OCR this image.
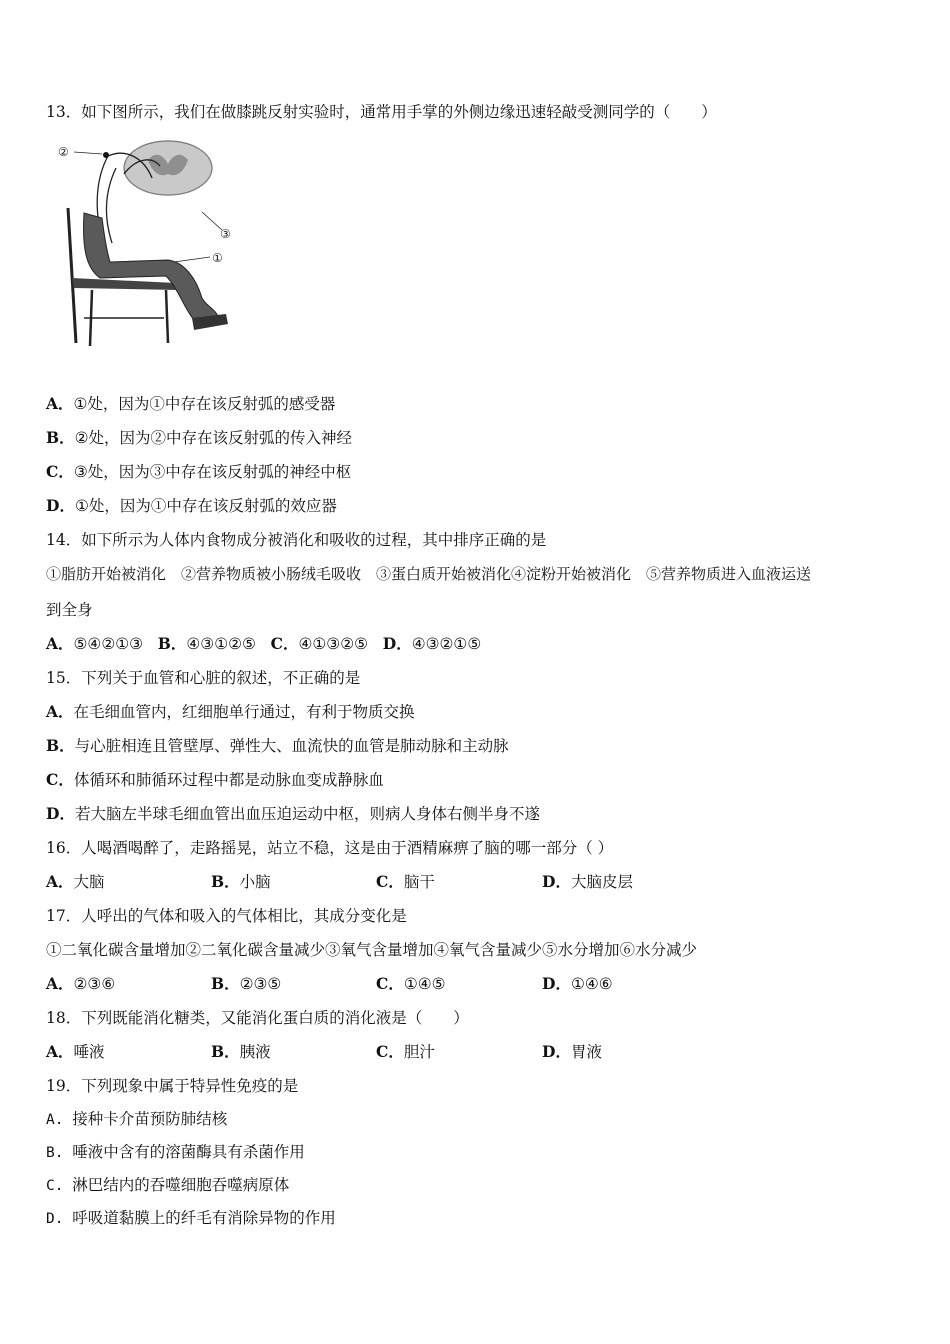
13．如下图所示，我们在做膝跳反射实验时，通常用手掌的外侧边缘迅速轻敲受测同学的（　　）
②
③
①
A．①处，因为①中存在该反射弧的感受器
B．②处，因为②中存在该反射弧的传入神经
C．③处，因为③中存在该反射弧的神经中枢
D．①处，因为①中存在该反射弧的效应器
14．如下所示为人体内食物成分被消化和吸收的过程，其中排序正确的是
①脂肪开始被消化　②营养物质被小肠绒毛吸收　③蛋白质开始被消化④淀粉开始被消化　⑤营养物质进入血液运送
到全身
A．⑤④②①③ B．④③①②⑤ C．④①③②⑤ D．④③②①⑤
15．下列关于血管和心脏的叙述，不正确的是
A．在毛细血管内，红细胞单行通过，有利于物质交换
B．与心脏相连且管壁厚、弹性大、血流快的血管是肺动脉和主动脉
C．体循环和肺循环过程中都是动脉血变成静脉血
D．若大脑左半球毛细血管出血压迫运动中枢，则病人身体右侧半身不遂
16．人喝酒喝醉了，走路摇晃，站立不稳，这是由于酒精麻痹了脑的哪一部分（ ）
A．大脑	B．小脑	C．脑干	D．大脑皮层
17．人呼出的气体和吸入的气体相比，其成分变化是
①二氧化碳含量增加②二氧化碳含量减少③氧气含量增加④氧气含量减少⑤水分增加⑥水分减少
A．②③⑥	B．②③⑤	C．①④⑤	D．①④⑥
18．下列既能消化糖类，又能消化蛋白质的消化液是（　　）
A．唾液	B．胰液	C．胆汁	D．胃液
19．下列现象中属于特异性免疫的是
A. 接种卡介苗预防肺结核
B. 唾液中含有的溶菌酶具有杀菌作用
C. 淋巴结内的吞噬细胞吞噬病原体
D. 呼吸道黏膜上的纤毛有消除异物的作用
